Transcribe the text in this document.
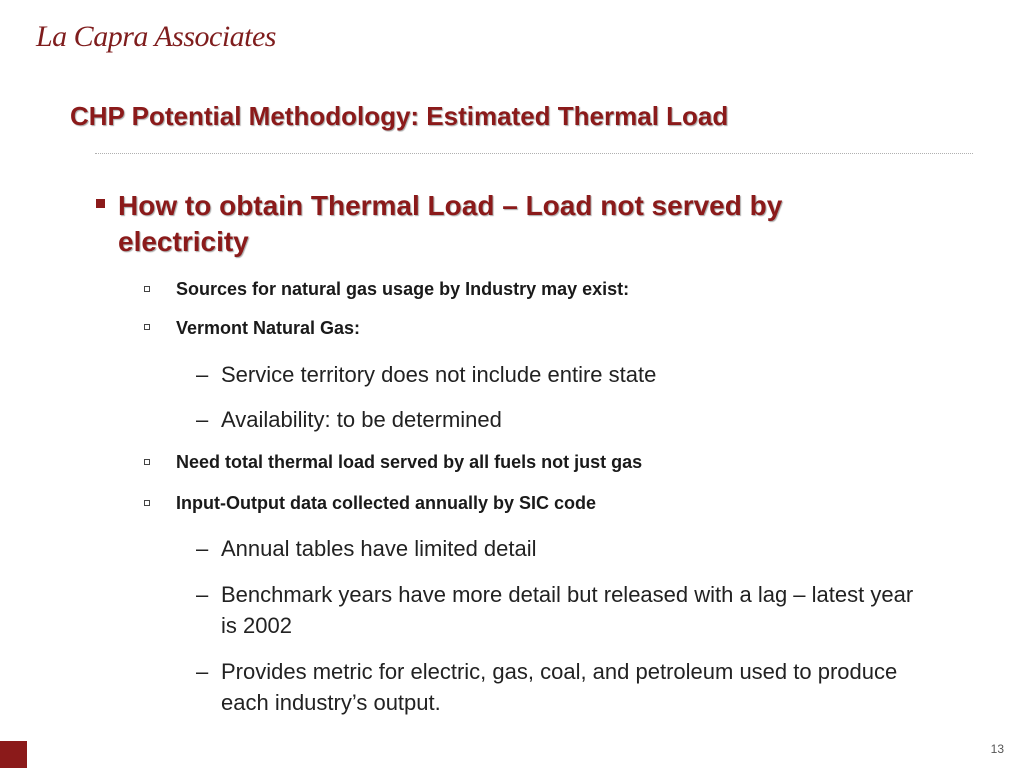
La Capra Associates
CHP Potential Methodology: Estimated Thermal Load
How to obtain Thermal Load – Load not served by electricity
Sources for natural gas usage by Industry may exist:
Vermont Natural Gas:
– Service territory does not include entire state
– Availability: to be determined
Need total thermal load served by all fuels not just gas
Input-Output data collected annually by SIC code
– Annual tables have limited detail
– Benchmark years have more detail but released with a lag – latest year is 2002
– Provides metric for electric, gas, coal, and petroleum used to produce each industry’s output.
13
